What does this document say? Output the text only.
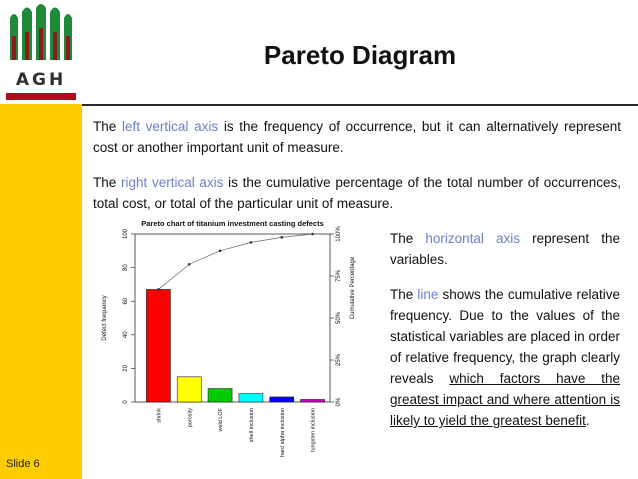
AGH
Pareto Diagram
Slide 6
The left vertical axis is the frequency of occurrence, but it can alternatively represent cost or another important unit of measure.
The right vertical axis is the cumulative percentage of the total number of occurrences, total cost, or total of the particular unit of measure.
The horizontal axis represent the variables.
The line shows the cumulative relative frequency. Due to the values of the statistical variables are placed in order of relative frequency, the graph clearly reveals which factors have the greatest impact and where attention is likely to yield the greatest benefit.
Pareto chart of titanium investment casting defects
0
20
40
60
80
100
Defect frequency
0%
25%
50%
75%
100%
Cumulative Percentage
shrink	porosity	weld LOF	shell inclusion	hard alpha inclusion	tungsten inclusion
